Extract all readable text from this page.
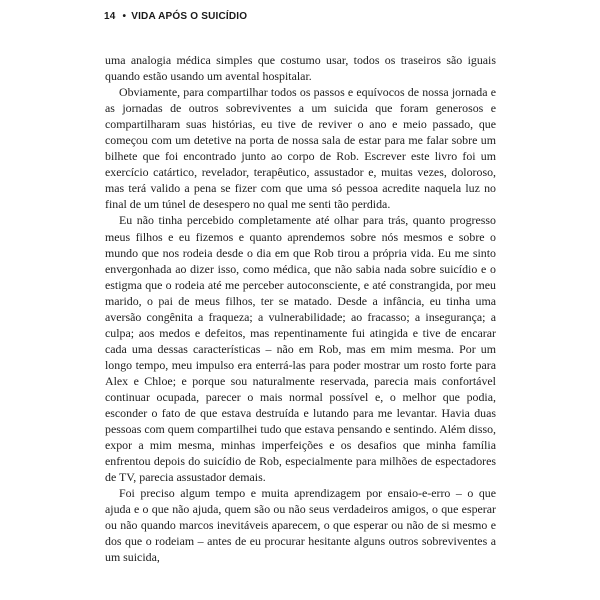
14 • VIDA APÓS O SUICÍDIO

uma analogia médica simples que costumo usar, todos os traseiros são iguais quando estão usando um avental hospitalar.

Obviamente, para compartilhar todos os passos e equívocos de nossa jornada e as jornadas de outros sobreviventes a um suicida que foram generosos e compartilharam suas histórias, eu tive de reviver o ano e meio passado, que começou com um detetive na porta de nossa sala de estar para me falar sobre um bilhete que foi encontrado junto ao corpo de Rob. Escrever este livro foi um exercício catártico, revelador, terapêutico, assustador e, muitas vezes, doloroso, mas terá valido a pena se fizer com que uma só pessoa acredite naquela luz no final de um túnel de desespero no qual me senti tão perdida.

Eu não tinha percebido completamente até olhar para trás, quanto progresso meus filhos e eu fizemos e quanto aprendemos sobre nós mesmos e sobre o mundo que nos rodeia desde o dia em que Rob tirou a própria vida. Eu me sinto envergonhada ao dizer isso, como médica, que não sabia nada sobre suicídio e o estigma que o rodeia até me perceber autoconsciente, e até constrangida, por meu marido, o pai de meus filhos, ter se matado. Desde a infância, eu tinha uma aversão congênita a fraqueza; a vulnerabilidade; ao fracasso; a insegurança; a culpa; aos medos e defeitos, mas repentinamente fui atingida e tive de encarar cada uma dessas características – não em Rob, mas em mim mesma. Por um longo tempo, meu impulso era enterrá-las para poder mostrar um rosto forte para Alex e Chloe; e porque sou naturalmente reservada, parecia mais confortável continuar ocupada, parecer o mais normal possível e, o melhor que podia, esconder o fato de que estava destruída e lutando para me levantar. Havia duas pessoas com quem compartilhei tudo que estava pensando e sentindo. Além disso, expor a mim mesma, minhas imperfeições e os desafios que minha família enfrentou depois do suicídio de Rob, especialmente para milhões de espectadores de TV, parecia assustador demais.

Foi preciso algum tempo e muita aprendizagem por ensaio-e-erro – o que ajuda e o que não ajuda, quem são ou não seus verdadeiros amigos, o que esperar ou não quando marcos inevitáveis aparecem, o que esperar ou não de si mesmo e dos que o rodeiam – antes de eu procurar hesitante alguns outros sobreviventes a um suicida,
